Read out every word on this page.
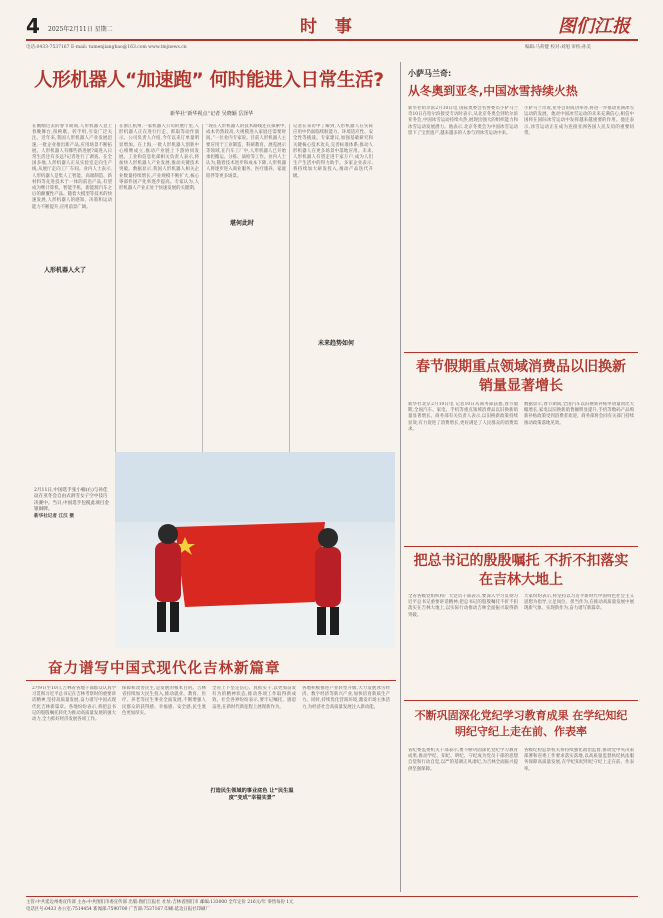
4 2025年2月11日 星期二	时 事	图们江报
电话:0433-7537167 E-mail: tumenjiangbao@163.com www.tmjnews.cn	编辑:马荷健 校对:刘旭 审校:孙美
人形机器人“加速跑” 何时能进入日常生活?
新华社“新华视点”记者 吴晓颖 岳泽华
在刚刚过去的春节期间,人形机器人登上春晚舞台,扭秧歌、转手绢,引发广泛关注。近年来,我国人形机器人产业发展迅速,一批企业推出新产品,应用场景不断拓展。人形机器人有哪些新进展?离进入日常生活还有多远?记者进行了调查。在全国多地,人形机器人正从实验室走向生产线,从展厅走向工厂车间。业内人士表示,人形机器人是集人工智能、高端制造、新材料等先进技术于一体的前沿产品,有望成为继计算机、智能手机、新能源汽车之后的颠覆性产品。随着大模型等技术的快速发展,人形机器人的感知、决策和运动能力不断提升,应用前景广阔。
人形机器人火了
在浙江杭州,一家机器人公司的展厅里,人形机器人正在进行行走、抓取等动作演示。公司负责人介绍,今年以来订单量明显增加。在上海,一批人形机器人创新中心相继成立,推动产业链上下游协同发展。工业和信息化部相关负责人表示,将加快人形机器人产业发展,推动关键技术突破。数据显示,我国人形机器人相关企业数量持续增长,产业规模不断扩大,核心零部件国产化率逐步提高。专家认为,人形机器人产业正处于快速发展的关键期。
“现在人形机器人的技术路线还在探索中,成本仍然较高,大规模进入家庭还需要时间。”一位业内专家说。目前人形机器人主要应用于工业制造、科研教育、展览展示等领域,在汽车工厂中,人形机器人已开始承担搬运、分拣、质检等工作。业内人士认为,随着技术进步和成本下降,人形机器人将逐步进入商业服务、医疗康养、家庭陪伴等更多场景。
堪何此时
记者在采访中了解到,人形机器人在实际应用中仍面临续航能力、环境适应性、安全性等挑战。专家建议,加强基础研究和关键核心技术攻关,完善标准体系,推动人形机器人在更多场景中落地应用。未来,人形机器人有望走进千家万户,成为人们生产生活中的得力助手。多家企业表示,将持续加大研发投入,推动产品迭代升级。
未来趋势如何
2月11日,中国选手张小楠(右)与孙佳玟在亚冬会自由式滑雪女子空中技巧决赛中。当日,中国选手包揽此项目金银铜牌。
新华社记者 江汉 摄
奋力谱写中国式现代化吉林新篇章
2月9日至10日,吉林省各地干部群众认真学习贯彻习近平总书记在吉林考察时的重要讲话精神,坚持高质量发展,奋力谱写中国式现代化吉林新篇章。各地纷纷表示,将把总书记的殷殷嘱托转化为推动高质量发展的强大动力,全力抓好经济发展各项工作。
保障和改善民生,是发展的根本目的。吉林省持续加大民生投入,推动就业、教育、医疗、养老等民生事业全面发展,不断增强人民群众的获得感、幸福感、安全感,民生底色更加厚实。
打造民生领域的事业底色 让“民生温度”变成“幸福实景”
全省上下坚定信心、真抓实干,以更加奋发有为的精神状态,推动各项工作取得新成效。社会各界纷纷表示,要牢记嘱托、感恩奋进,在新时代新征程上展现新作为。
各地积极推进产业转型升级,大力发展冰雪经济、数字经济等新兴产业,加快培育新质生产力。同时,持续优化营商环境,激发市场主体活力,为经济社会高质量发展注入新动能。
小萨马兰奇:
从冬奥到亚冬,中国冰雪持续火热
新华社哈尔滨2月10日电 国际奥委会名誉委员小萨马兰奇10日在哈尔滨接受专访时表示,从北京冬奥会到哈尔滨亚冬会,中国冰雪运动持续火热,展现出强大的组织能力和冰雪运动发展潜力。他表示,北京冬奥会为中国冰雪运动留下了宝贵遗产,越来越多的人参与到冰雪运动中来。
小萨马兰奇说,亚冬会的成功举办,将进一步推动亚洲冰雪运动的发展。他对中国冰雪运动的未来充满信心,相信中国将在国际冰雪运动中发挥越来越重要的作用。他还表示,冰雪运动正在成为连接亚洲各国人民友谊的重要纽带。
春节假期重点领域消费品以旧换新销量显著增长
新华社北京2月10日电 记者10日从商务部获悉,春节假期,全国汽车、家电、手机等重点领域消费品以旧换新销量显著增长。商务部有关负责人表示,以旧换新政策持续显效,有力促进了消费增长,更好满足了人民群众的消费需求。
数据显示,春节期间,全国汽车以旧换新补贴申请量同比大幅增长,家电以旧换新销售额明显提升,手机等数码产品购新补贴政策受到消费者欢迎。商务部将会同有关部门持续推动政策落地见效。
把总书记的殷殷嘱托 不折不扣落实在吉林大地上
全省各级党组织和广大党员干部表示,要深入学习贯彻习近平总书记重要讲话精神,把总书记的殷殷嘱托不折不扣落实在吉林大地上,以实际行动推动吉林全面振兴取得新突破。
大家纷纷表示,将坚持以习近平新时代中国特色社会主义思想为指导,立足岗位、担当作为,在推动高质量发展中展现新气象、实现新作为,奋力谱写新篇章。
不断巩固深化党纪学习教育成果 在学纪知纪明纪守纪上走在前、作表率
省纪委监委机关干部表示,要不断巩固深化党纪学习教育成果,推动学纪、知纪、明纪、守纪成为党员干部的思想自觉和行动自觉,以严的基调正风肃纪,为吉林全面振兴提供坚强保障。
各级纪检监察机关将持续强化政治监督,推动党中央决策部署和省委工作要求落实落地,以高质量监督执纪执法服务保障高质量发展,在学纪知纪明纪守纪上走在前、作表率。
主管:中共延边州委宣传部 主办:中共图们市委宣传部 出版:图们江报社 社址:吉林省图们市 邮编:133000 全年定价 216元/年 零售每份 1元
电话区号:0433 办公室:7514454 新闻部:7590700 广告部:7537167 印刷:延边日报社印刷厂
